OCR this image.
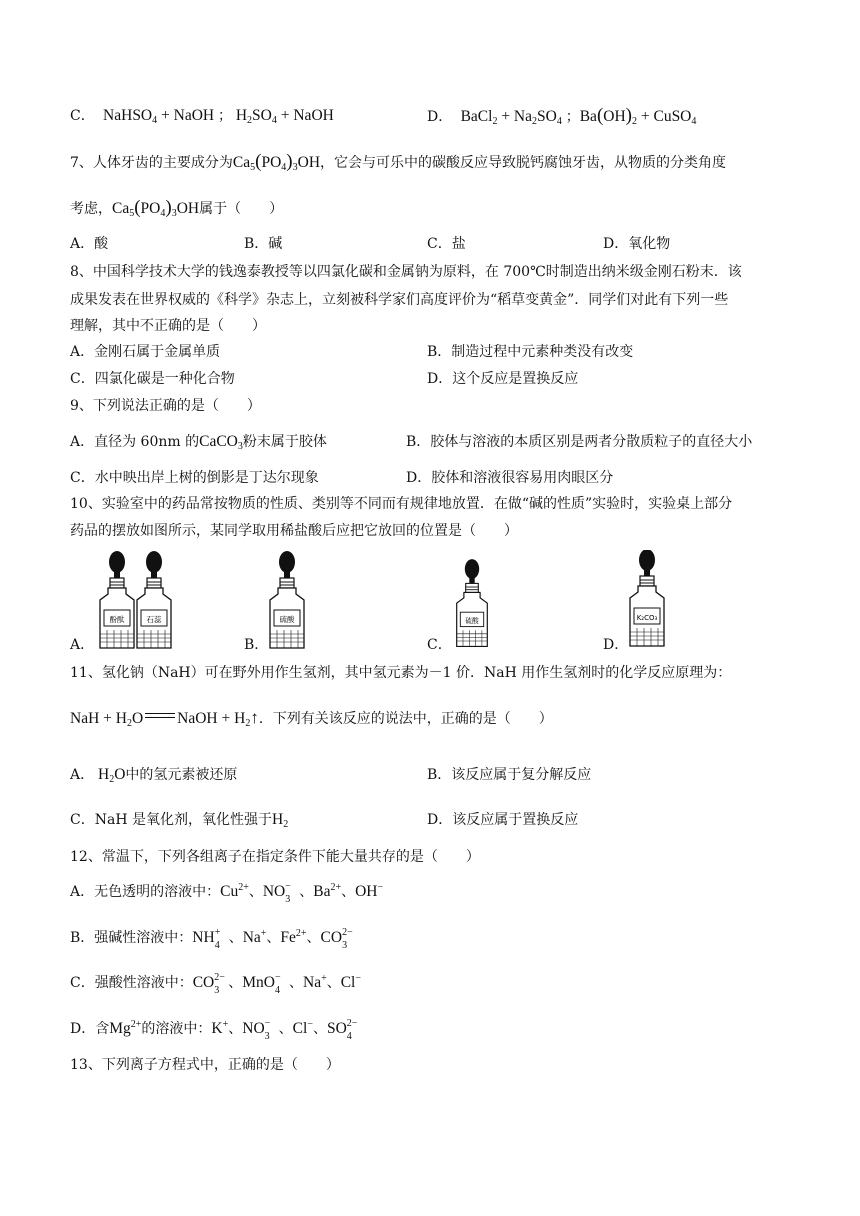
C．  NaHSO$_4$ + NaOH ； $H_2SO_4$ + NaOH	D．  BaCl$_2$ + $Na_2SO_4$ ；$Ba(OH)_2$ + CuSO$_4$
7、人体牙齿的主要成分为$Ca_5(PO_4)_3OH$，它会与可乐中的碳酸反应导致脱钙腐蚀牙齿，从物质的分类角度
考虑，$Ca_5(PO_4)_3OH$属于（　　）
A．酸	B．碱	C．盐	D．氧化物
8、中国科学技术大学的钱逸泰教授等以四氯化碳和金属钠为原料，在 700℃时制造出纳米级金刚石粉末．该
成果发表在世界权威的《科学》杂志上，立刻被科学家们高度评价为“稻草变黄金”．同学们对此有下列一些
理解，其中不正确的是（　　）
A．金刚石属于金属单质	B．制造过程中元素种类没有改变
C．四氯化碳是一种化合物	D．这个反应是置换反应
9、下列说法正确的是（　　）
A．直径为 60nm 的CaCO$_3$粉末属于胶体	B．胶体与溶液的本质区别是两者分散质粒子的直径大小
C．水中映出岸上树的倒影是丁达尔现象	D．胶体和溶液很容易用肉眼区分
10、实验室中的药品常按物质的性质、类别等不同而有规律地放置．在做“碱的性质”实验时，实验桌上部分
药品的摆放如图所示，某同学取用稀盐酸后应把它放回的位置是（　　）
A．	B．	C．	D．
酚酞	石蕊	硫酸	硫酸	K₂CO₃
11、氢化钠（NaH）可在野外用作生氢剂，其中氢元素为－1 价．NaH 用作生氢剂时的化学反应原理为：
NaH + $H_2O$ NaOH + $H_2↑$．下列有关该反应的说法中，正确的是（　　）
A． $H_2O$中的氢元素被还原	B．该反应属于复分解反应
C．NaH 是氧化剂，氧化性强于$H_2$	D．该反应属于置换反应
12、常温下，下列各组离子在指定条件下能大量共存的是（　　）
A．无色透明的溶液中：$Cu^{2+}$、NO −
3 、$Ba^{2+}$、OH−
B．强碱性溶液中：NH +
4 、Na+、$Fe^{2+}$、CO 2−
3
C．强酸性溶液中：CO 2−
3 、MnO −
4 、Na+、Cl−
D．含$Mg^{2+}$的溶液中：K+、NO −
3 、Cl−、SO 2−
4
13、下列离子方程式中，正确的是（　　）
